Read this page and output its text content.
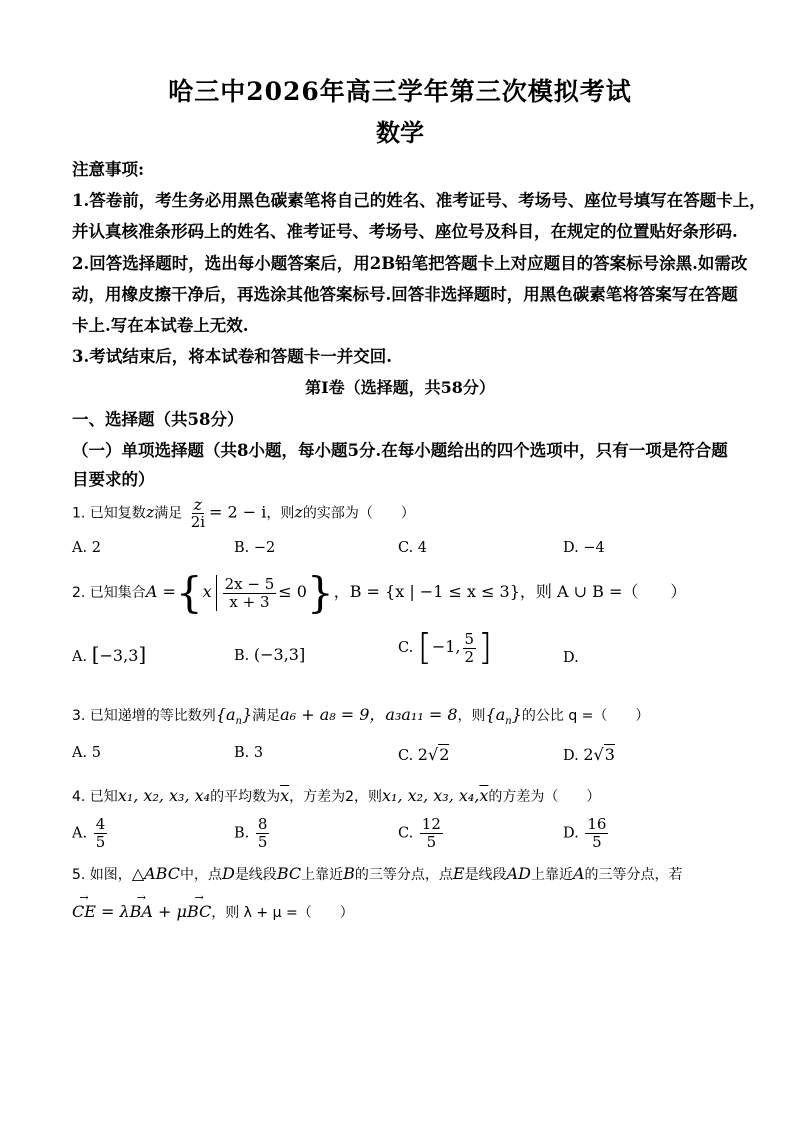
哈三中2026年高三学年第三次模拟考试
数学
注意事项:
1.答卷前，考生务必用黑色碳素笔将自己的姓名、准考证号、考场号、座位号填写在答题卡上，
并认真核准条形码上的姓名、准考证号、考场号、座位号及科目，在规定的位置贴好条形码.
2.回答选择题时，选出每小题答案后，用2B铅笔把答题卡上对应题目的答案标号涂黑.如需改
动，用橡皮擦干净后，再选涂其他答案标号.回答非选择题时，用黑色碳素笔将答案写在答题
卡上.写在本试卷上无效.
3.考试结束后，将本试卷和答题卡一并交回.
第Ⅰ卷（选择题，共58分）
一、选择题（共58分）
（一）单项选择题（共8小题，每小题5分.在每小题给出的四个选项中，只有一项是符合题
目要求的）
1. 已知复数z满足 $\frac{z}{2i} = 2 - i$，则z的实部为（　　）
A. 2	B. −2	C. 4	D. −4
2. 已知集合$A =\{x \frac{2x - 5}{x + 3} \le 0\}$，B = {x | −1 ≤ x ≤ 3}，则 A ∪ B =（　　）
A. [−3,3]	B. (−3,3]	C. [−1, $\frac{5}{2}$ ]	D.
3. 已知递增的等比数列$\{a_n\}$满足a₆ + a₈ = 9，a₃a₁₁ = 8，则$\{a_n\}$的公比 q =（　　）
A. 5	B. 3	C. 2√2	D. 2√3
4. 已知x₁, x₂, x₃, x₄的平均数为$\overline{x}$，方差为2，则x₁, x₂, x₃, $x_4,\overline{x}$的方差为（　　）
A. $\frac{4}{5}$	B. $\frac{8}{5}$	C. $\frac{12}{5}$	D. $\frac{16}{5}$
5. 如图，△ABC中，点D是线段BC上靠近B的三等分点，点E是线段AD上靠近A的三等分点，若
→ CE = λ→ BA + μ→ BC，则 λ + μ =（　　）
